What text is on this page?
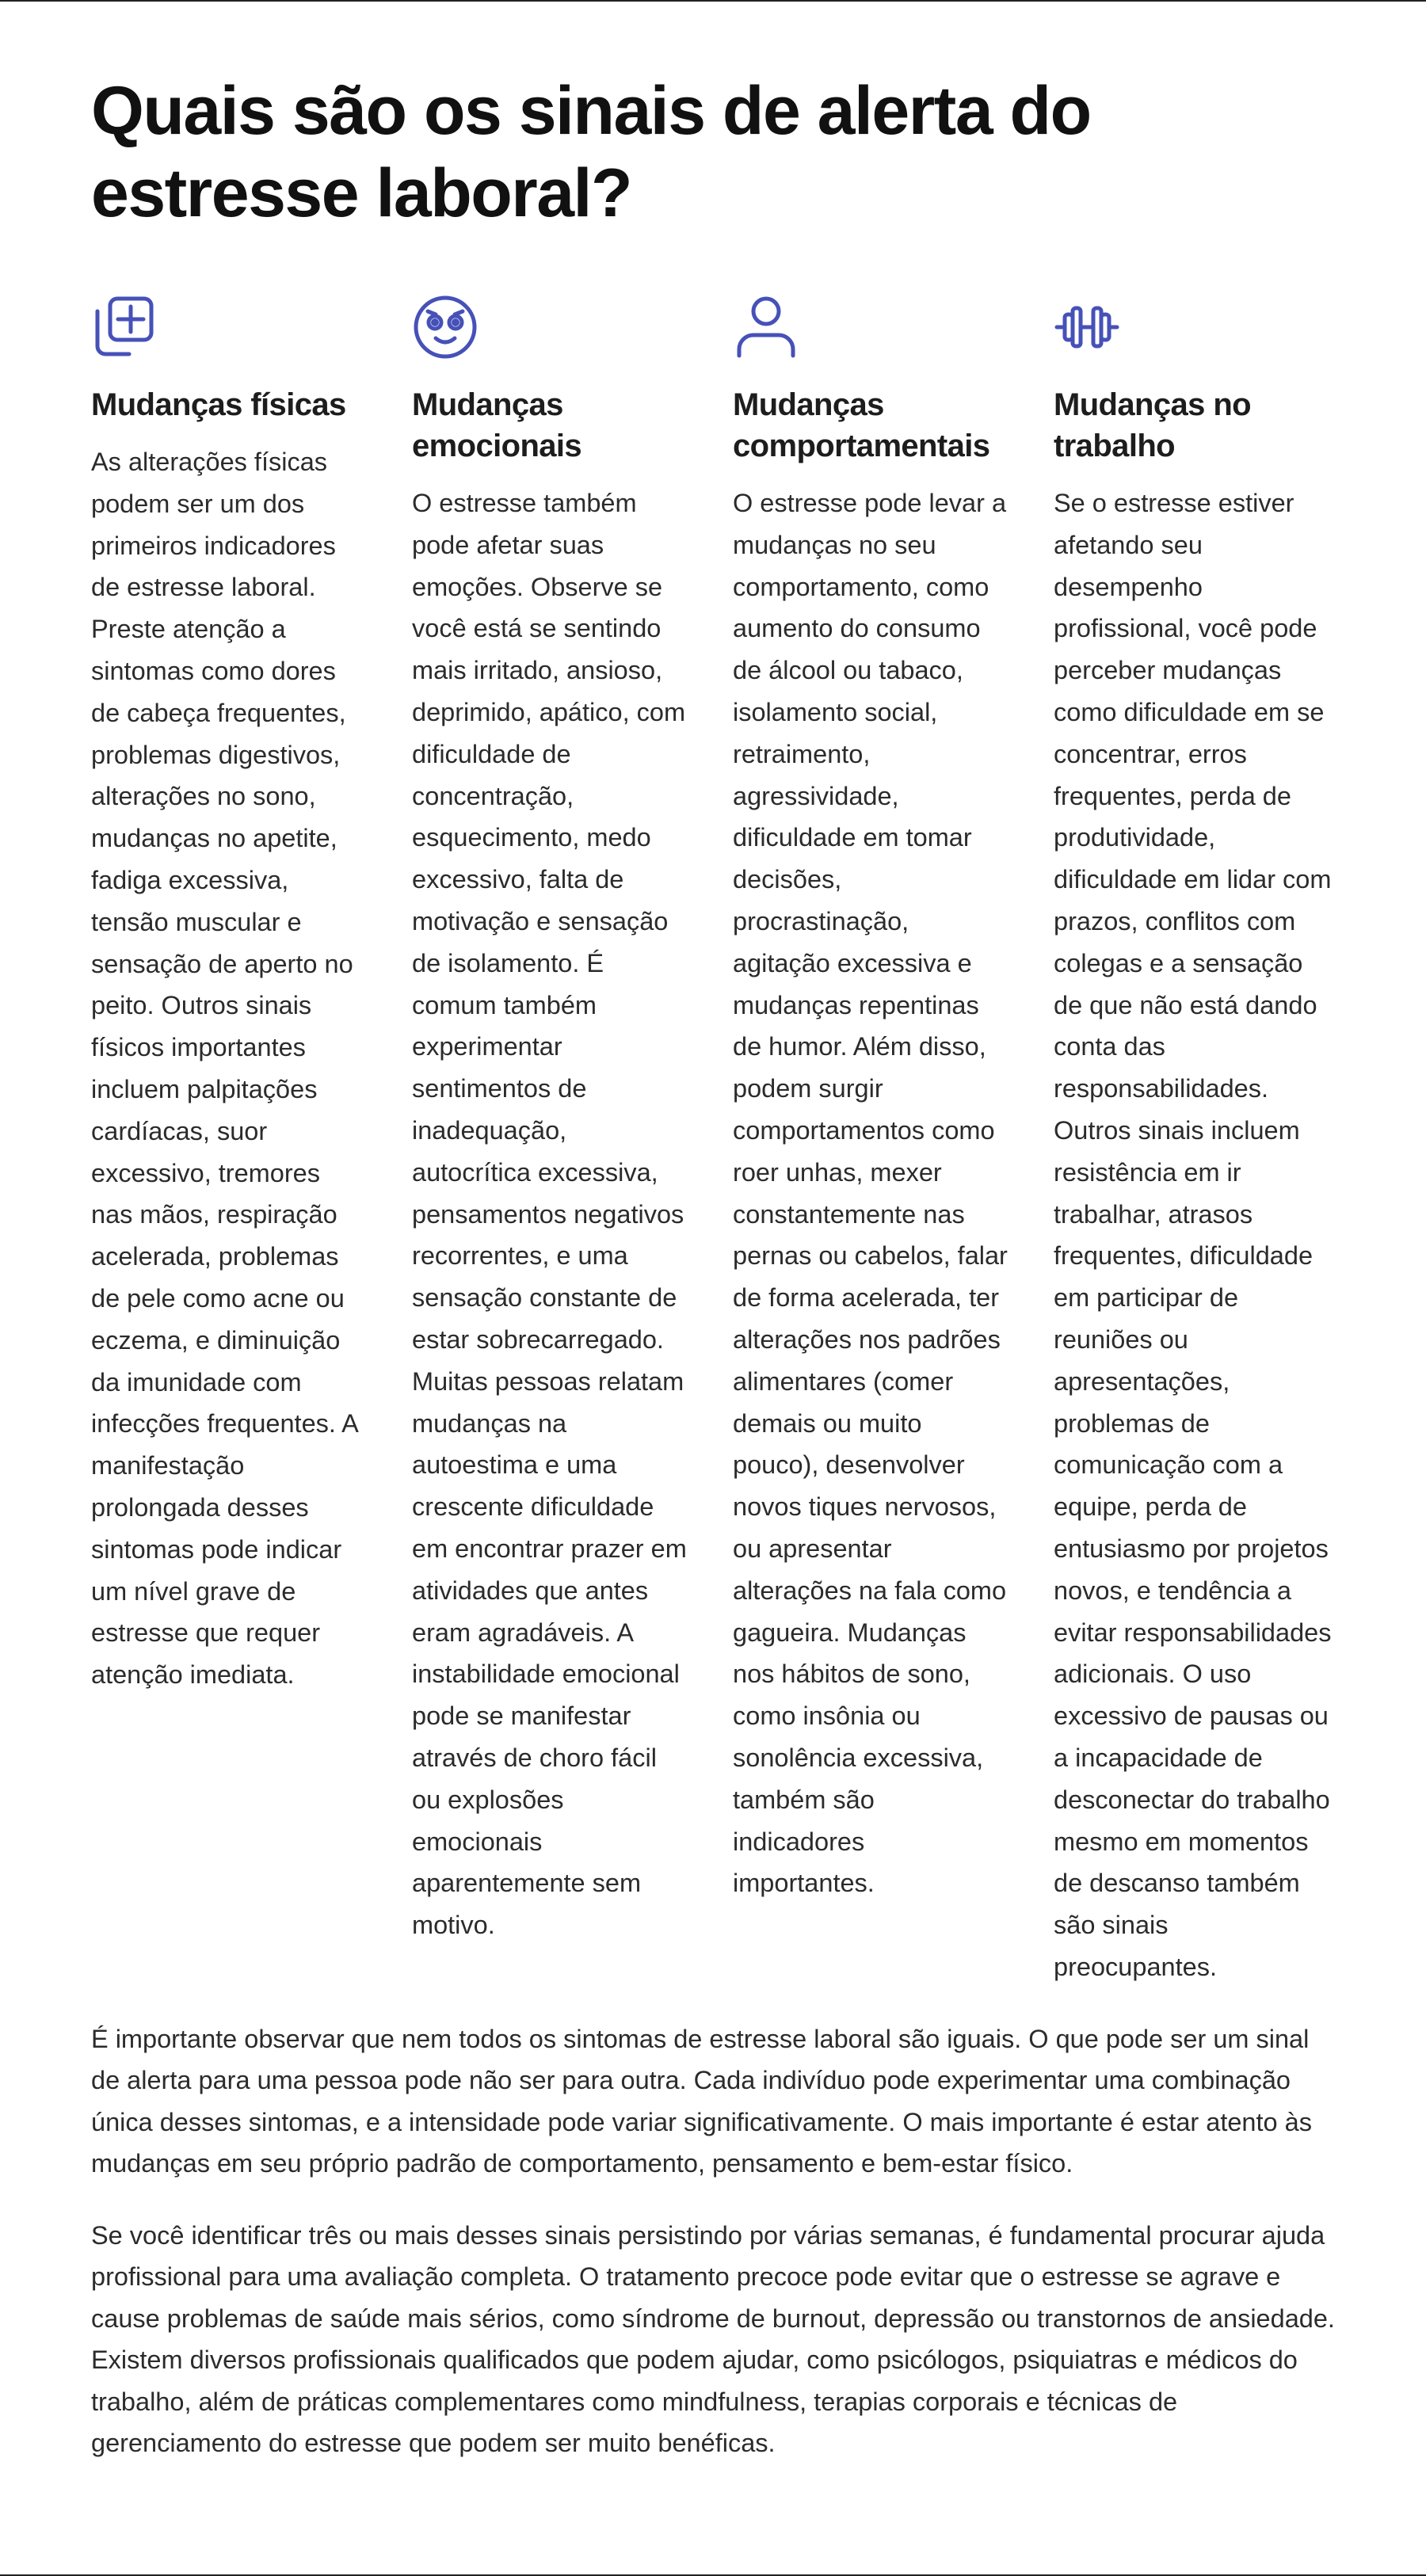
Quais são os sinais de alerta do estresse laboral?
Mudanças físicas

As alterações físicas podem ser um dos primeiros indicadores de estresse laboral. Preste atenção a sintomas como dores de cabeça frequentes, problemas digestivos, alterações no sono, mudanças no apetite, fadiga excessiva, tensão muscular e sensação de aperto no peito. Outros sinais físicos importantes incluem palpitações cardíacas, suor excessivo, tremores nas mãos, respiração acelerada, problemas de pele como acne ou eczema, e diminuição da imunidade com infecções frequentes. A manifestação prolongada desses sintomas pode indicar um nível grave de estresse que requer atenção imediata.

Mudanças emocionais

O estresse também pode afetar suas emoções. Observe se você está se sentindo mais irritado, ansioso, deprimido, apático, com dificuldade de concentração, esquecimento, medo excessivo, falta de motivação e sensação de isolamento. É comum também experimentar sentimentos de inadequação, autocrítica excessiva, pensamentos negativos recorrentes, e uma sensação constante de estar sobrecarregado. Muitas pessoas relatam mudanças na autoestima e uma crescente dificuldade em encontrar prazer em atividades que antes eram agradáveis. A instabilidade emocional pode se manifestar através de choro fácil ou explosões emocionais aparentemente sem motivo.

Mudanças comportamentais

O estresse pode levar a mudanças no seu comportamento, como aumento do consumo de álcool ou tabaco, isolamento social, retraimento, agressividade, dificuldade em tomar decisões, procrastinação, agitação excessiva e mudanças repentinas de humor. Além disso, podem surgir comportamentos como roer unhas, mexer constantemente nas pernas ou cabelos, falar de forma acelerada, ter alterações nos padrões alimentares (comer demais ou muito pouco), desenvolver novos tiques nervosos, ou apresentar alterações na fala como gagueira. Mudanças nos hábitos de sono, como insônia ou sonolência excessiva, também são indicadores importantes.

Mudanças no trabalho

Se o estresse estiver afetando seu desempenho profissional, você pode perceber mudanças como dificuldade em se concentrar, erros frequentes, perda de produtividade, dificuldade em lidar com prazos, conflitos com colegas e a sensação de que não está dando conta das responsabilidades. Outros sinais incluem resistência em ir trabalhar, atrasos frequentes, dificuldade em participar de reuniões ou apresentações, problemas de comunicação com a equipe, perda de entusiasmo por projetos novos, e tendência a evitar responsabilidades adicionais. O uso excessivo de pausas ou a incapacidade de desconectar do trabalho mesmo em momentos de descanso também são sinais preocupantes.

É importante observar que nem todos os sintomas de estresse laboral são iguais. O que pode ser um sinal de alerta para uma pessoa pode não ser para outra. Cada indivíduo pode experimentar uma combinação única desses sintomas, e a intensidade pode variar significativamente. O mais importante é estar atento às mudanças em seu próprio padrão de comportamento, pensamento e bem-estar físico.

Se você identificar três ou mais desses sinais persistindo por várias semanas, é fundamental procurar ajuda profissional para uma avaliação completa. O tratamento precoce pode evitar que o estresse se agrave e cause problemas de saúde mais sérios, como síndrome de burnout, depressão ou transtornos de ansiedade. Existem diversos profissionais qualificados que podem ajudar, como psicólogos, psiquiatras e médicos do trabalho, além de práticas complementares como mindfulness, terapias corporais e técnicas de gerenciamento do estresse que podem ser muito benéficas.
